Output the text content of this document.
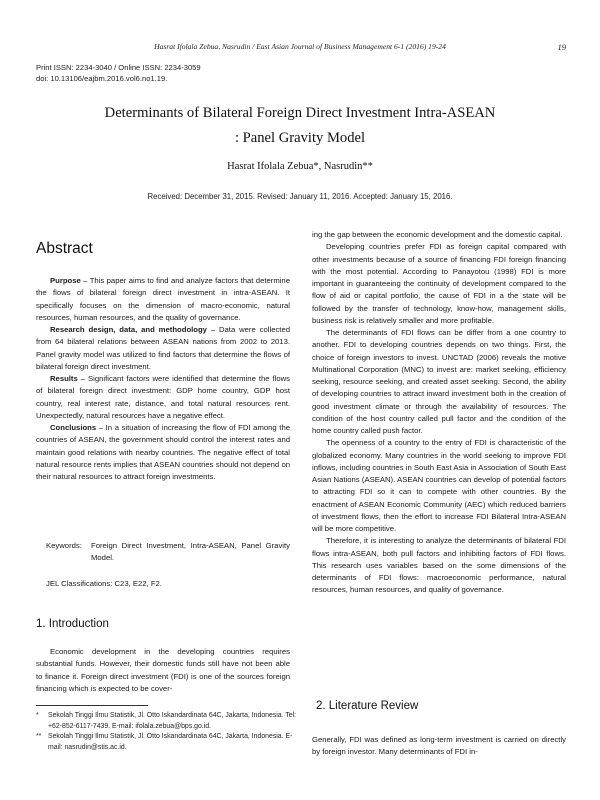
Hasrat Ifolala Zebua, Nasrudin / East Asian Journal of Business Management 6-1 (2016) 19-24	19
Print ISSN: 2234-3040 / Online ISSN: 2234-3059
doi: 10.13106/eajbm.2016.vol6.no1.19.
Determinants of Bilateral Foreign Direct Investment Intra-ASEAN
: Panel Gravity Model
Hasrat Ifolala Zebua*, Nasrudin**
Received: December 31, 2015. Revised: January 11, 2016. Accepted: January 15, 2016.
Abstract

Purpose – This paper aims to find and analyze factors that determine the flows of bilateral foreign direct investment in intra-ASEAN. It specifically focuses on the dimension of macro-economic, natural resources, human resources, and the quality of governance.

Research design, data, and methodology – Data were collected from 64 bilateral relations between ASEAN nations from 2002 to 2013. Panel gravity model was utilized to find factors that determine the flows of bilateral foreign direct investment.

Results – Significant factors were identified that determine the flows of bilateral foreign direct investment: GDP home country, GDP host country, real interest rate, distance, and total natural resources rent. Unexpectedly, natural resources have a negative effect.

Conclusions – In a situation of increasing the flow of FDI among the countries of ASEAN, the government should control the interest rates and maintain good relations with nearby countries. The negative effect of total natural resource rents implies that ASEAN countries should not depend on their natural resources to attract foreign investments.

Keywords:	Foreign Direct Investment, Intra-ASEAN, Panel Gravity Model.
JEL Classifications: C23, E22, F2.
1. Introduction

Economic development in the developing countries requires substantial funds. However, their domestic funds still have not been able to finance it. Foreign direct investment (FDI) is one of the sources foreign financing which is expected to be cover-

*	Sekolah Tinggi Ilmu Statistik, Jl. Otto Iskandardinata 64C, Jakarta, Indonesia. Tel: +62-852-6117-7439. E-mail: ifolala.zebua@bps.go.id.
** Sekolah Tinggi Ilmu Statistik, Jl. Otto Iskandardinata 64C, Jakarta, Indonesia. E-mail: nasrudin@stis.ac.id.

ing the gap between the economic development and the domestic capital.

Developing countries prefer FDI as foreign capital compared with other investments because of a source of financing FDI foreign financing with the most potential. According to Panayotou (1998) FDI is more important in guaranteeing the continuity of development compared to the flow of aid or capital portfolio, the cause of FDI in a the state will be followed by the transfer of technology, know-how, management skills, business risk is relatively smaller and more profitable.

The determinants of FDI flows can be differ from a one country to another. FDI to developing countries depends on two things. First, the choice of foreign investors to invest. UNCTAD (2006) reveals the motive Multinational Corporation (MNC) to invest are: market seeking, efficiency seeking, resource seeking, and created asset seeking. Second, the ability of developing countries to attract inward investment both in the creation of good investment climate or through the availability of resources. The condition of the host country called pull factor and the condition of the home country called push factor.

The openness of a country to the entry of FDI is characteristic of the globalized economy. Many countries in the world seeking to improve FDI inflows, including countries in South East Asia in Association of South East Asian Nations (ASEAN). ASEAN countries can develop of potential factors to attracting FDI so it can to compete with other countries. By the enactment of ASEAN Economic Community (AEC) which reduced barriers of investment flows, then the effort to increase FDI Bilateral Intra-ASEAN will be more competitive.

Therefore, it is interesting to analyze the determinants of bilateral FDI flows intra-ASEAN, both pull factors and inhibiting factors of FDI flows. This research uses variables based on the some dimensions of the determinants of FDI flows: macroeconomic performance, natural resources, human resources, and quality of governance.

2. Literature Review

Generally, FDI was defined as long-term investment is carried on directly by foreign investor. Many determinants of FDI in-
